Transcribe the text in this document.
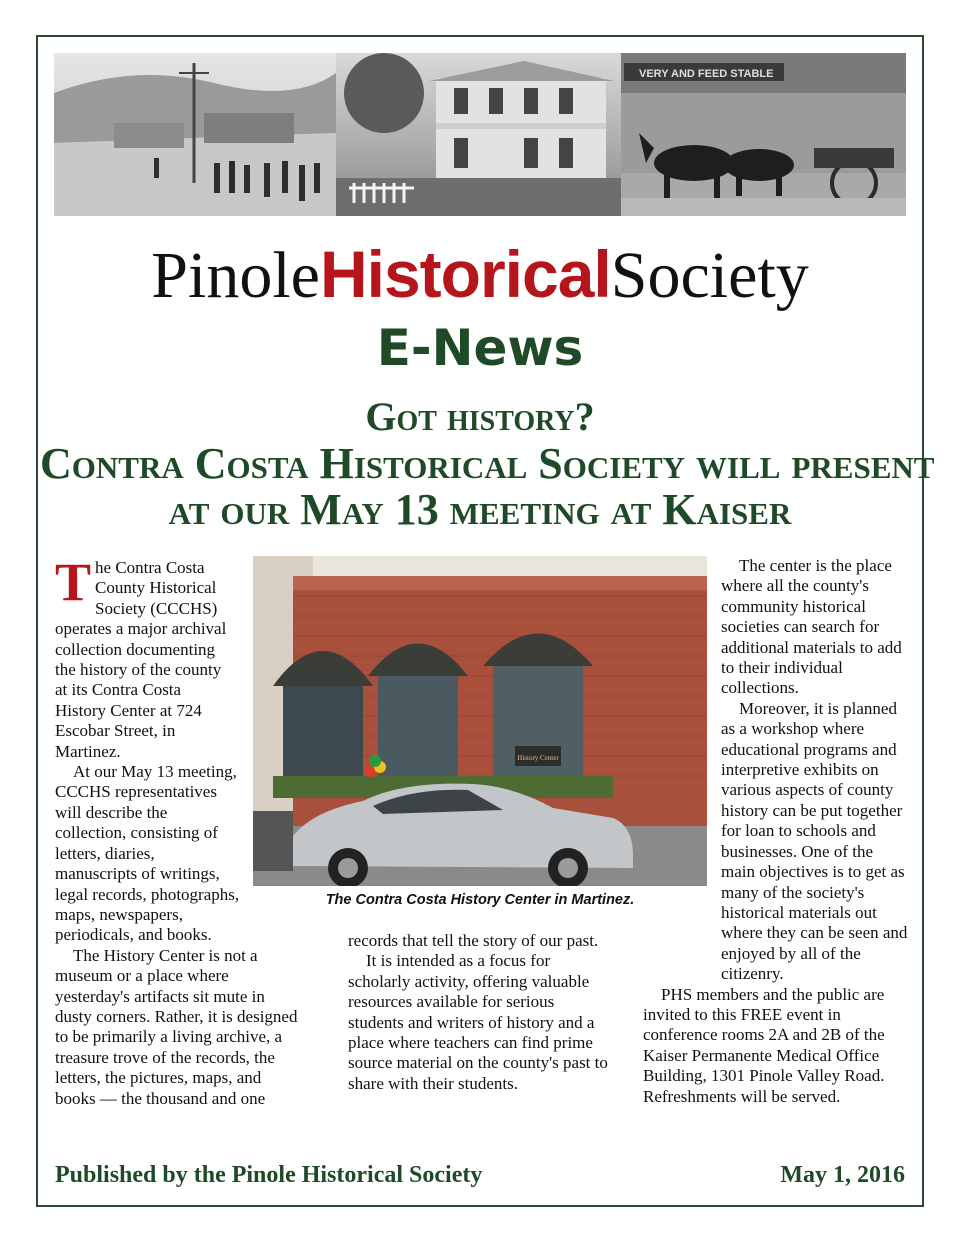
VERY AND FEED STABLE
PinoleHistoricalSociety
E-News
Got history?
Contra Costa Historical Society will present
at our May 13 meeting at Kaiser

The Contra Costa County Historical Society (CCCHS) operates a major archival collection documenting the history of the county at its Contra Costa History Center at 724 Escobar Street, in Martinez.

At our May 13 meeting, CCCHS representatives will describe the collection, consisting of letters, diaries, manuscripts of writings, legal records, photographs, maps, newspapers, periodicals, and books.

The History Center is not a museum or a place where yesterday's artifacts sit mute in dusty corners. Rather, it is designed to be primarily a living archive, a treasure trove of the records, the letters, the pictures, maps, and books — the thousand and one

records that tell the story of our past.

It is intended as a focus for scholarly activity, offering valuable resources available for serious students and writers of history and a place where teachers can find prime source material on the county's past to share with their students.

The center is the place where all the county's community historical societies can search for additional materials to add to their individual collections.

Moreover, it is planned as a workshop where educational programs and interpretive exhibits on various aspects of county history can be put together for loan to schools and businesses. One of the main objectives is to get as many of the society's historical materials out where they can be seen and enjoyed by all of the citizenry.

PHS members and the public are invited to this FREE event in conference rooms 2A and 2B of the Kaiser Permanente Medical Office Building, 1301 Pinole Valley Road. Refreshments will be served.

History Center
The Contra Costa History Center in Martinez.
Published by the Pinole Historical Society	May 1, 2016
